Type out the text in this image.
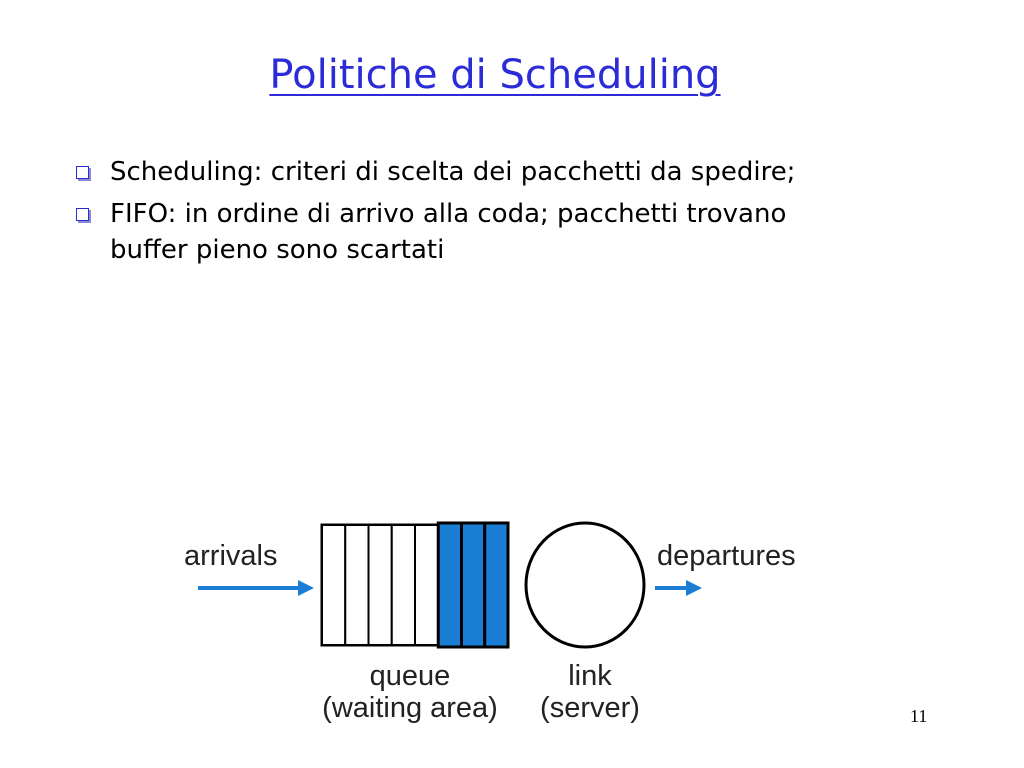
Politiche di Scheduling
Scheduling: criteri di scelta dei pacchetti da spedire;
FIFO: in ordine di arrivo alla coda; pacchetti trovano buffer pieno sono scartati
arrivals	departures
queue
(waiting area)
link
(server)	11
